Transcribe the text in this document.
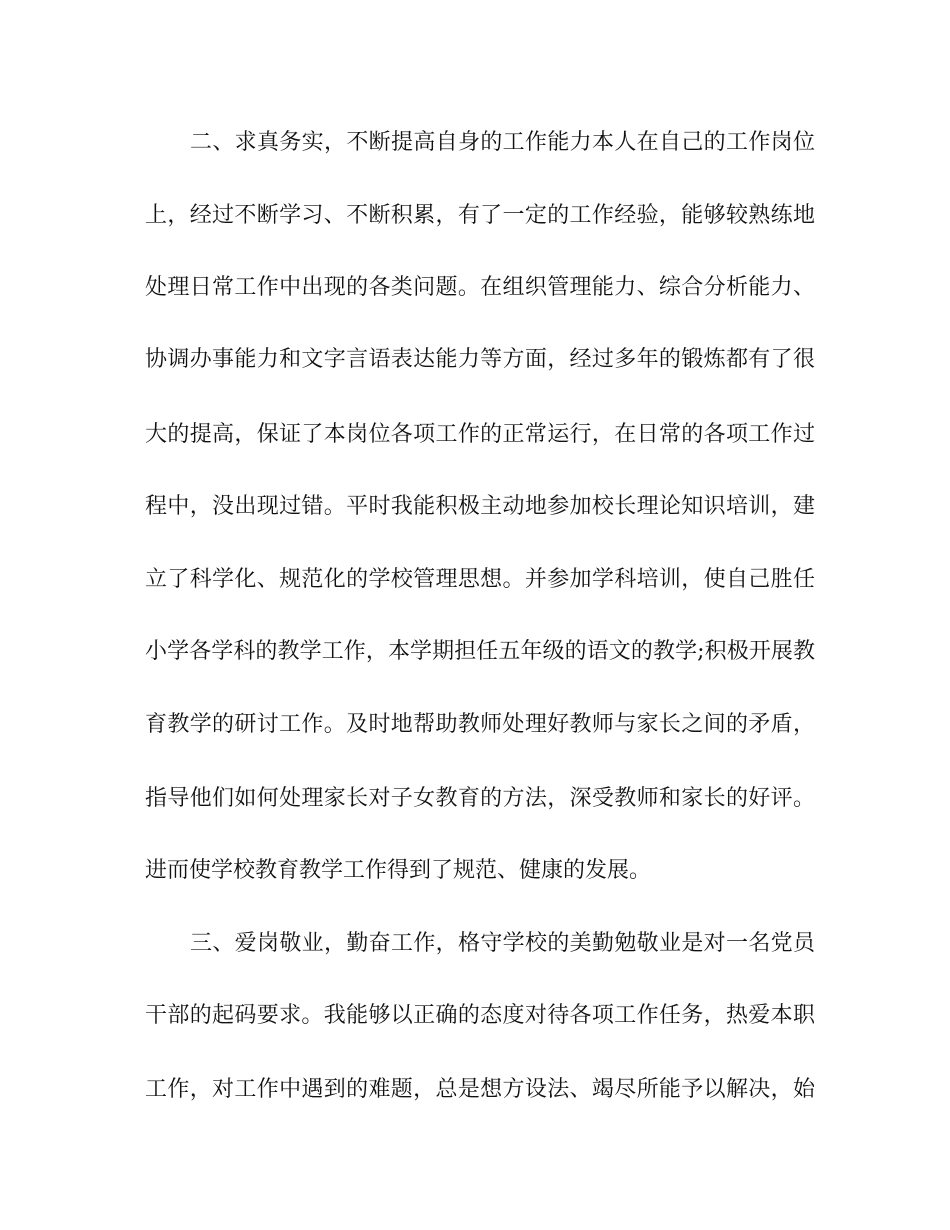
二、求真务实，不断提高自身的工作能力本人在自己的工作岗位
上，经过不断学习、不断积累，有了一定的工作经验，能够较熟练地
处理日常工作中出现的各类问题。在组织管理能力、综合分析能力、
协调办事能力和文字言语表达能力等方面，经过多年的锻炼都有了很
大的提高，保证了本岗位各项工作的正常运行，在日常的各项工作过
程中，没出现过错。平时我能积极主动地参加校长理论知识培训，建
立了科学化、规范化的学校管理思想。并参加学科培训，使自己胜任
小学各学科的教学工作，本学期担任五年级的语文的教学;积极开展教
育教学的研讨工作。及时地帮助教师处理好教师与家长之间的矛盾，
指导他们如何处理家长对子女教育的方法，深受教师和家长的好评。
进而使学校教育教学工作得到了规范、健康的发展。
三、爱岗敬业，勤奋工作，格守学校的美勤勉敬业是对一名党员
干部的起码要求。我能够以正确的态度对待各项工作任务，热爱本职
工作，对工作中遇到的难题，总是想方设法、竭尽所能予以解决，始
